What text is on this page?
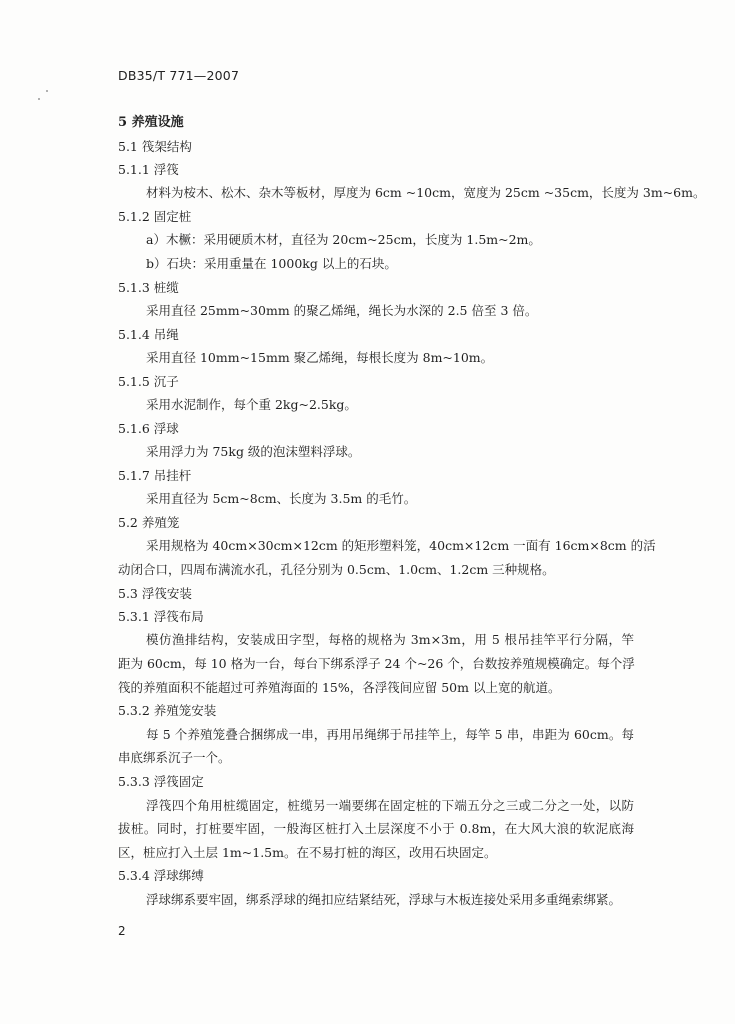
DB35/T 771—2007
5 养殖设施
5.1 筏架结构
5.1.1 浮筏
材料为桉木、松木、杂木等板材，厚度为 6cm ~10cm，宽度为 25cm ~35cm，长度为 3m~6m。
5.1.2 固定桩
a）木橛：采用硬质木材，直径为 20cm~25cm，长度为 1.5m~2m。
b）石块：采用重量在 1000kg 以上的石块。
5.1.3 桩缆
采用直径 25mm~30mm 的聚乙烯绳，绳长为水深的 2.5 倍至 3 倍。
5.1.4 吊绳
采用直径 10mm~15mm 聚乙烯绳，每根长度为 8m~10m。
5.1.5 沉子
采用水泥制作，每个重 2kg~2.5kg。
5.1.6 浮球
采用浮力为 75kg 级的泡沫塑料浮球。
5.1.7 吊挂杆
采用直径为 5cm~8cm、长度为 3.5m 的毛竹。
5.2 养殖笼
采用规格为 40cm×30cm×12cm 的矩形塑料笼，40cm×12cm 一面有 16cm×8cm 的活
动闭合口，四周布满流水孔，孔径分别为 0.5cm、1.0cm、1.2cm 三种规格。
5.3 浮筏安装
5.3.1 浮筏布局
模仿渔排结构，安装成田字型，每格的规格为 3m×3m，用 5 根吊挂竿平行分隔，竿
距为 60cm，每 10 格为一台，每台下绑系浮子 24 个~26 个，台数按养殖规模确定。每个浮
筏的养殖面积不能超过可养殖海面的 15%，各浮筏间应留 50m 以上宽的航道。
5.3.2 养殖笼安装
每 5 个养殖笼叠合捆绑成一串，再用吊绳绑于吊挂竿上，每竿 5 串，串距为 60cm。每
串底绑系沉子一个。
5.3.3 浮筏固定
浮筏四个角用桩缆固定，桩缆另一端要绑在固定桩的下端五分之三或二分之一处，以防
拔桩。同时，打桩要牢固，一般海区桩打入土层深度不小于 0.8m，在大风大浪的软泥底海
区，桩应打入土层 1m~1.5m。在不易打桩的海区，改用石块固定。
5.3.4 浮球绑缚
浮球绑系要牢固，绑系浮球的绳扣应结紧结死，浮球与木板连接处采用多重绳索绑紧。
2
